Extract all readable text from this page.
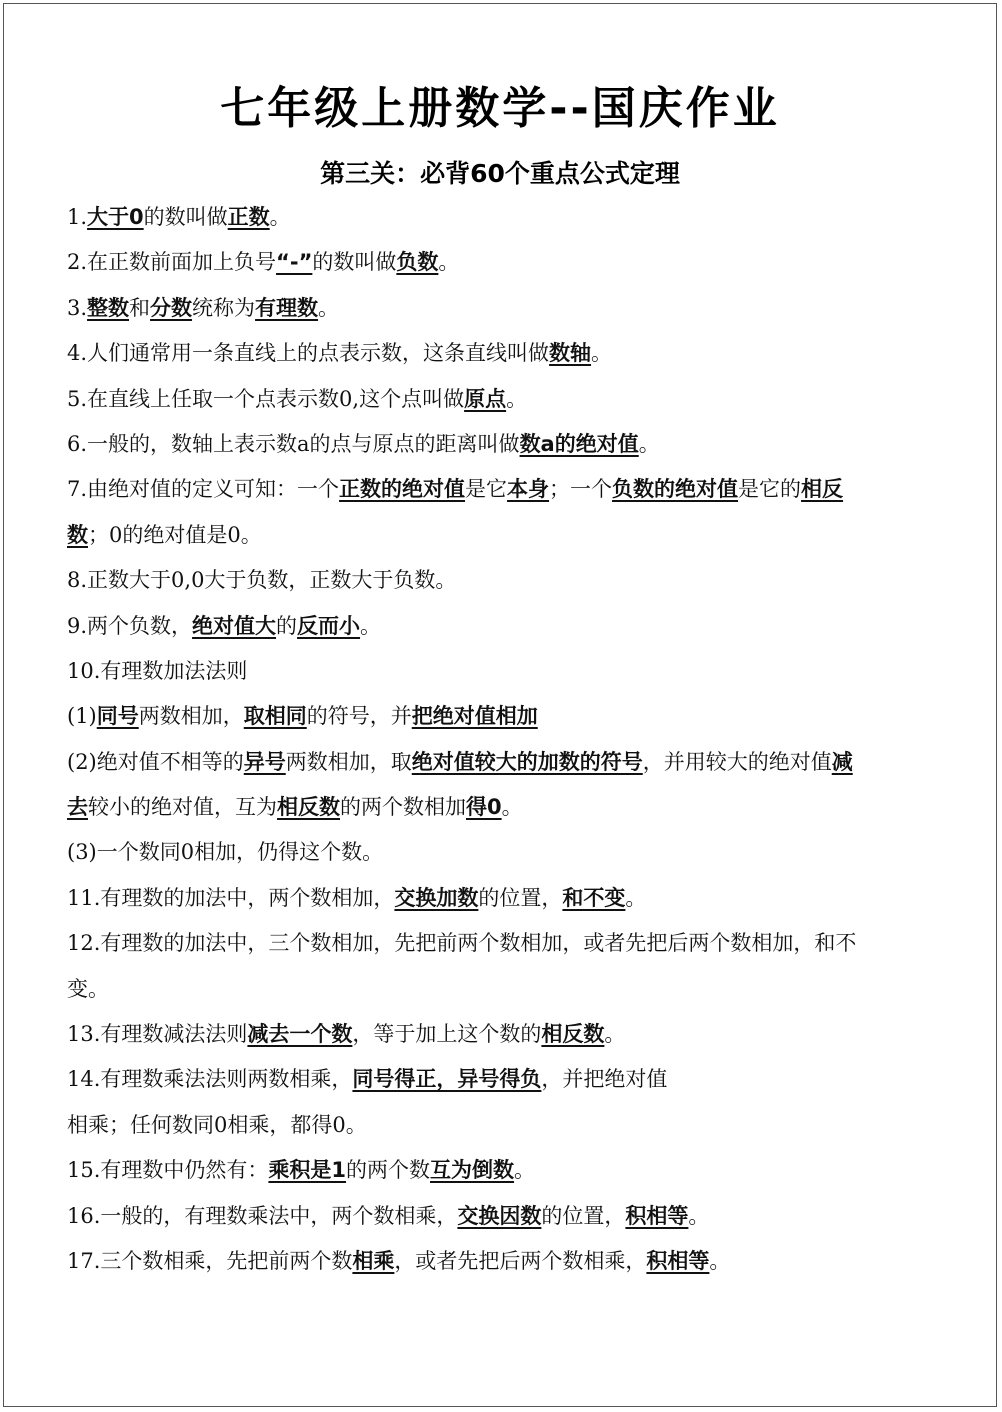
七年级上册数学--国庆作业
第三关：必背60个重点公式定理
1.大于0的数叫做正数。
2.在正数前面加上负号“-”的数叫做负数。
3.整数和分数统称为有理数。
4.人们通常用一条直线上的点表示数，这条直线叫做数轴。
5.在直线上任取一个点表示数0,这个点叫做原点。
6.一般的，数轴上表示数a的点与原点的距离叫做数a的绝对值。
7.由绝对值的定义可知：一个正数的绝对值是它本身；一个负数的绝对值是它的相反
数；0的绝对值是0。
8.正数大于0,0大于负数，正数大于负数。
9.两个负数，绝对值大的反而小。
10.有理数加法法则
(1)同号两数相加，取相同的符号，并把绝对值相加
(2)绝对值不相等的异号两数相加，取绝对值较大的加数的符号，并用较大的绝对值减
去较小的绝对值，互为相反数的两个数相加得0。
(3)一个数同0相加，仍得这个数。
11.有理数的加法中，两个数相加，交换加数的位置，和不变。
12.有理数的加法中，三个数相加，先把前两个数相加，或者先把后两个数相加，和不
变。
13.有理数减法法则减去一个数，等于加上这个数的相反数。
14.有理数乘法法则两数相乘，同号得正，异号得负，并把绝对值
相乘；任何数同0相乘，都得0。
15.有理数中仍然有：乘积是1的两个数互为倒数。
16.一般的，有理数乘法中，两个数相乘，交换因数的位置，积相等。
17.三个数相乘，先把前两个数相乘，或者先把后两个数相乘，积相等。
